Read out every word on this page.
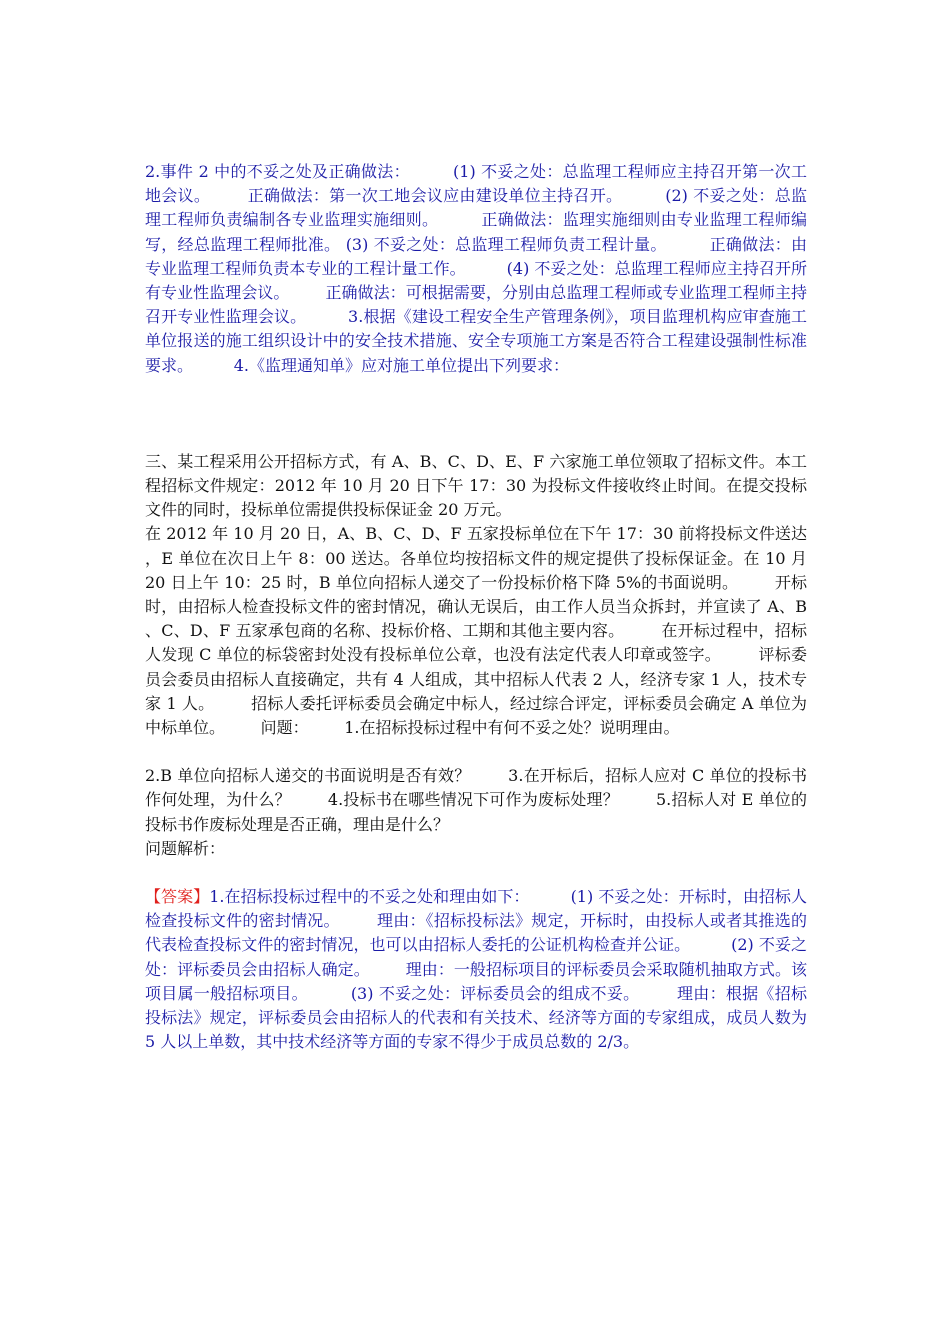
2.事件 2 中的不妥之处及正确做法：        (1) 不妥之处：总监理工程师应主持召开第一次工地会议。       正确做法：第一次工地会议应由建设单位主持召开。        (2) 不妥之处：总监理工程师负责编制各专业监理实施细则。        正确做法：监理实施细则由专业监理工程师编写，经总监理工程师批准。 (3) 不妥之处：总监理工程师负责工程计量。        正确做法：由专业监理工程师负责本专业的工程计量工作。        (4) 不妥之处：总监理工程师应主持召开所有专业性监理会议。       正确做法：可根据需要，分别由总监理工程师或专业监理工程师主持召开专业性监理会议。        3.根据《建设工程安全生产管理条例》，项目监理机构应审查施工单位报送的施工组织设计中的安全技术措施、安全专项施工方案是否符合工程建设强制性标准要求。        4.《监理通知单》应对施工单位提出下列要求：

三、某工程采用公开招标方式，有 A、B、C、D、E、F 六家施工单位领取了招标文件。本工程招标文件规定：2012 年 10 月 20 日下午 17：30 为投标文件接收终止时间。在提交投标文件的同时，投标单位需提供投标保证金 20 万元。

在 2012 年 10 月 20 日，A、B、C、D、F 五家投标单位在下午 17：30 前将投标文件送达，E 单位在次日上午 8：00 送达。各单位均按招标文件的规定提供了投标保证金。在 10 月 20 日上午 10：25 时，B 单位向招标人递交了一份投标价格下降 5%的书面说明。       开标时，由招标人检查投标文件的密封情况，确认无误后，由工作人员当众拆封，并宣读了 A、B、C、D、F 五家承包商的名称、投标价格、工期和其他主要内容。       在开标过程中，招标人发现 C 单位的标袋密封处没有投标单位公章，也没有法定代表人印章或签字。       评标委员会委员由招标人直接确定，共有 4 人组成，其中招标人代表 2 人，经济专家 1 人，技术专家 1 人。       招标人委托评标委员会确定中标人，经过综合评定，评标委员会确定 A 单位为中标单位。       问题：       1.在招标投标过程中有何不妥之处？说明理由。

2.B 单位向招标人递交的书面说明是否有效？       3.在开标后，招标人应对 C 单位的投标书作何处理，为什么？       4.投标书在哪些情况下可作为废标处理？       5.招标人对 E 单位的投标书作废标处理是否正确，理由是什么？

问题解析：

【答案】1.在招标投标过程中的不妥之处和理由如下：        (1) 不妥之处：开标时，由招标人检查投标文件的密封情况。       理由：《招标投标法》规定，开标时，由投标人或者其推选的代表检查投标文件的密封情况，也可以由招标人委托的公证机构检查并公证。        (2) 不妥之处：评标委员会由招标人确定。       理由：一般招标项目的评标委员会采取随机抽取方式。该项目属一般招标项目。        (3) 不妥之处：评标委员会的组成不妥。       理由：根据《招标投标法》规定，评标委员会由招标人的代表和有关技术、经济等方面的专家组成，成员人数为 5 人以上单数，其中技术经济等方面的专家不得少于成员总数的 2/3。
